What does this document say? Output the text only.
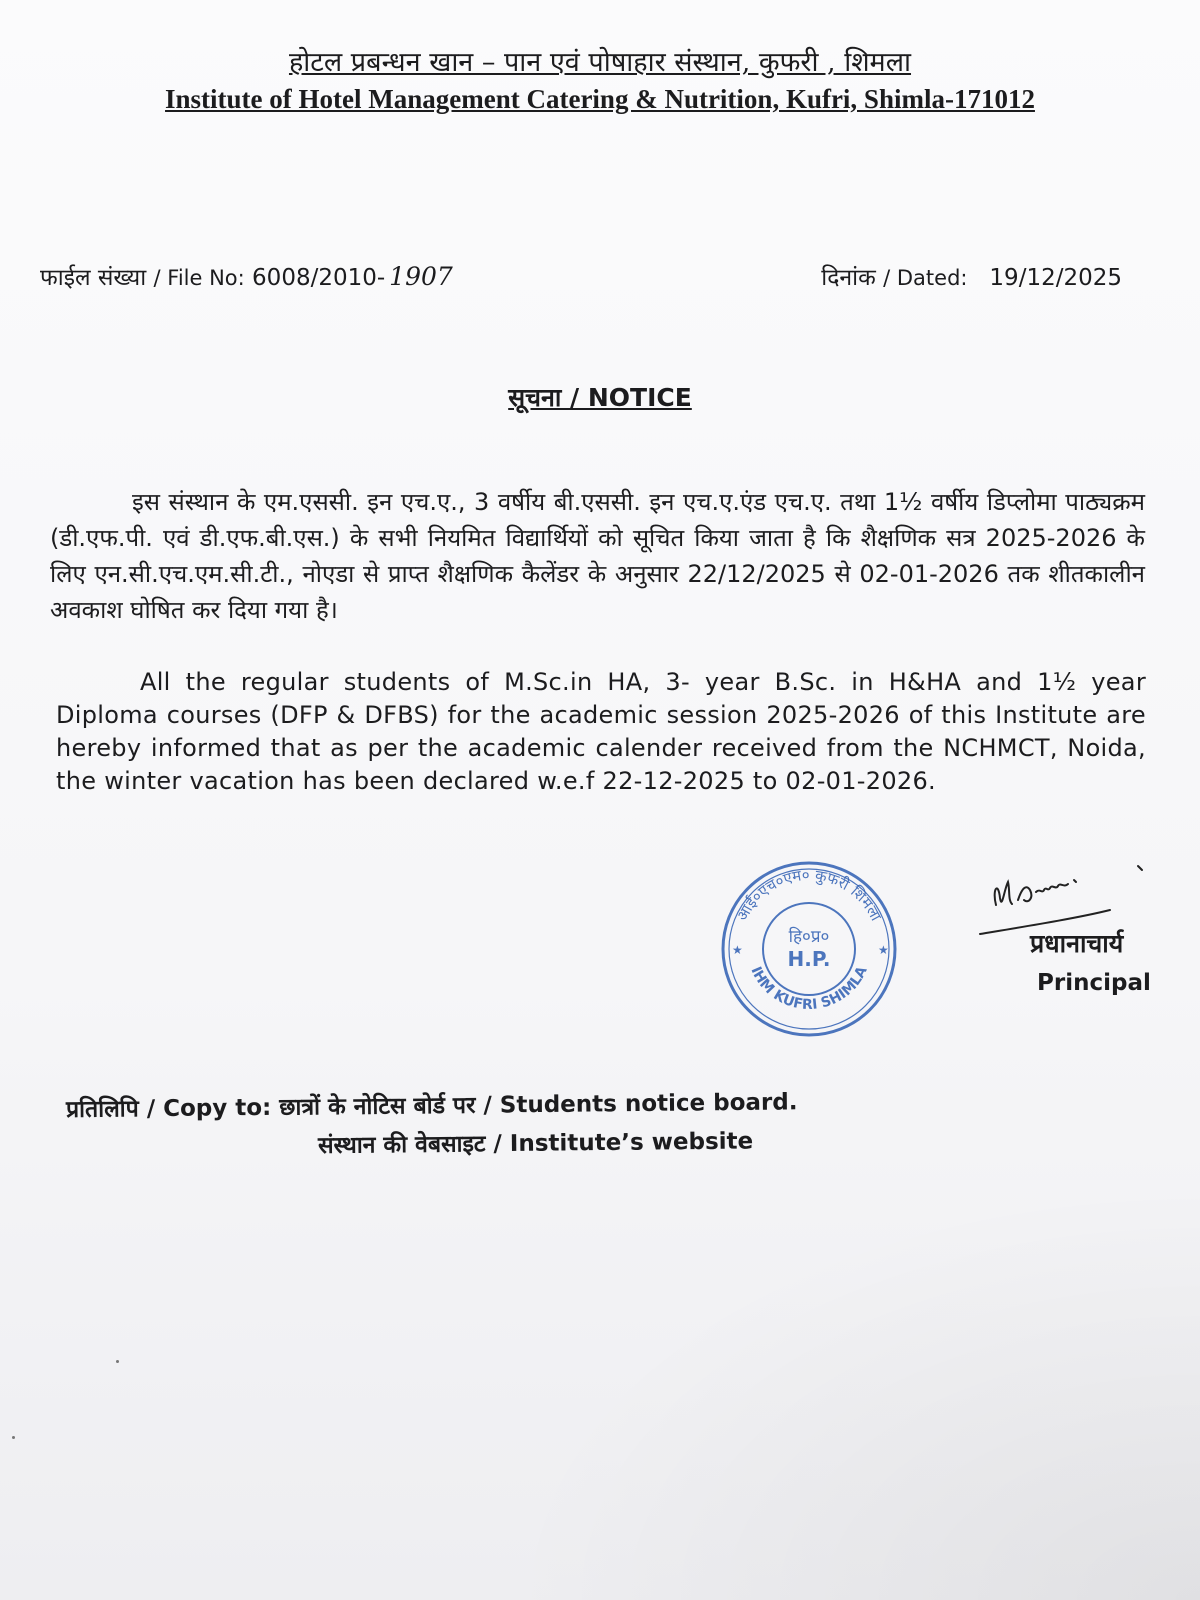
होटल प्रबन्धन खान – पान एवं पोषाहार संस्थान, कुफरी , शिमला
Institute of Hotel Management Catering & Nutrition, Kufri, Shimla-171012
फाईल संख्या / File No: 6008/2010- 1907	दिनांक / Dated: 19/12/2025
सूचना / NOTICE
इस संस्थान के एम.एससी. इन एच.ए., 3 वर्षीय बी.एससी. इन एच.ए.एंड एच.ए. तथा 1½ वर्षीय डिप्लोमा पाठ्यक्रम (डी.एफ.पी. एवं डी.एफ.बी.एस.) के सभी नियमित विद्यार्थियों को सूचित किया जाता है कि शैक्षणिक सत्र 2025-2026 के लिए एन.सी.एच.एम.सी.टी., नोएडा से प्राप्त शैक्षणिक कैलेंडर के अनुसार 22/12/2025 से 02-01-2026 तक शीतकालीन अवकाश घोषित कर दिया गया है।
All the regular students of M.Sc.in HA, 3- year B.Sc. in H&HA and 1½ year Diploma courses (DFP & DFBS) for the academic session 2025-2026 of this Institute are hereby informed that as per the academic calender received from the NCHMCT, Noida, the winter vacation has been declared w.e.f 22-12-2025 to 02-01-2026.
आई०एच०एम० कुफरी शिमला
IHM KUFRI SHIMLA
हि०प्र०
H.P.
★	★
M.Dav
प्रधानाचार्य
Principal
प्रतिलिपि / Copy to: छात्रों के नोटिस बोर्ड पर / Students notice board.
संस्थान की वेबसाइट / Institute’s website
